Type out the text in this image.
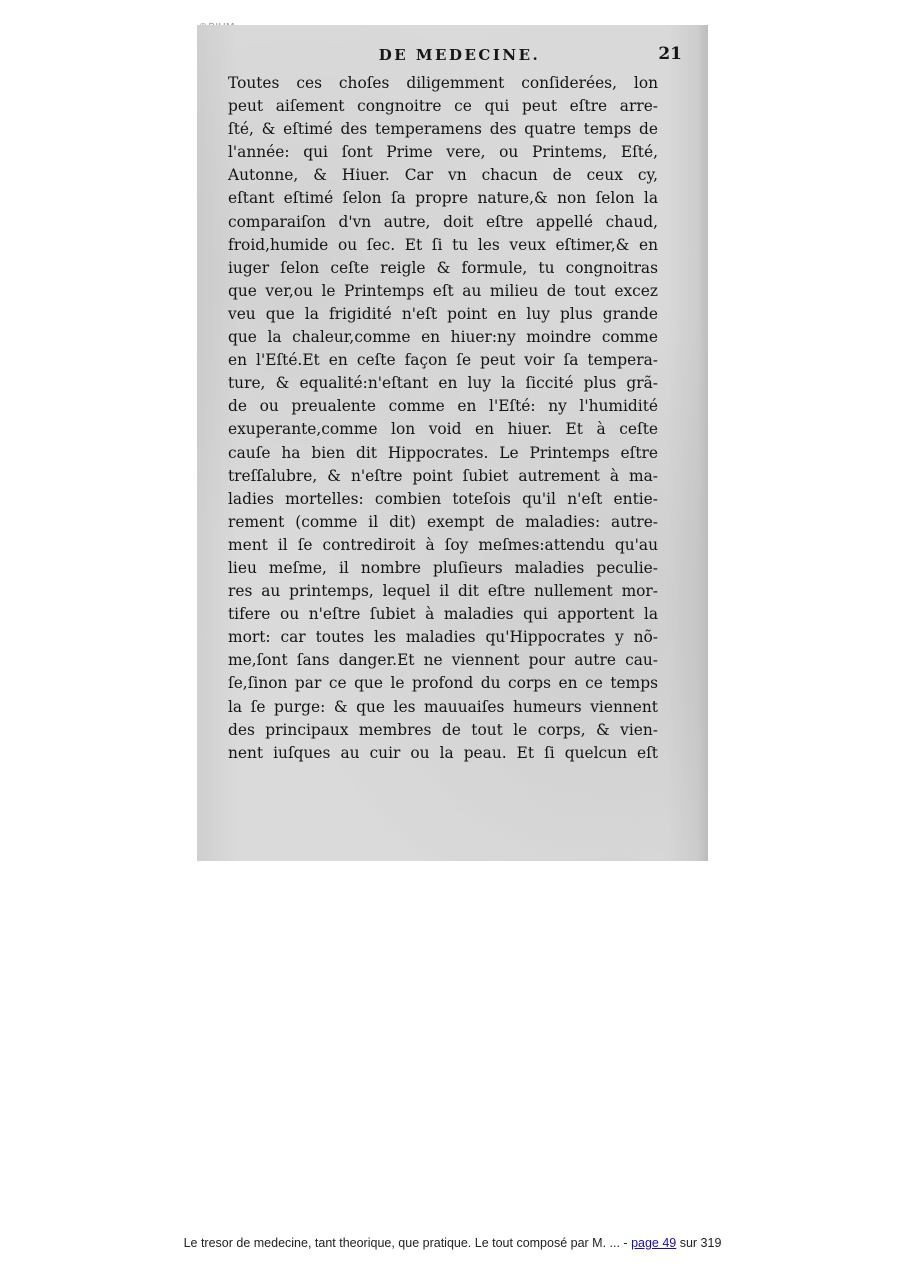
DE MEDECINE.	21
Toutes ces choſes diligemment conſiderées, lon
peut aiſement congnoitre ce qui peut eſtre arre-
ſté, & eſtimé des temperamens des quatre temps de
l'année: qui ſont Prime vere, ou Printems, Eſté,
Autonne, & Hiuer. Car vn chacun de ceux cy,
eſtant eſtimé ſelon ſa propre nature,& non ſelon la
comparaiſon d'vn autre, doit eſtre appellé chaud,
froid,humide ou ſec. Et ſi tu les veux eſtimer,& en
iuger ſelon ceſte reigle & formule, tu congnoitras
que ver,ou le Printemps eſt au milieu de tout excez
veu que la frigidité n'eſt point en luy plus grande
que la chaleur,comme en hiuer:ny moindre comme
en l'Eſté.Et en ceſte façon ſe peut voir ſa tempera-
ture, & equalité:n'eſtant en luy la ſiccité plus grã-
de ou preualente comme en l'Eſté: ny l'humidité
exuperante,comme lon void en hiuer. Et à ceſte
cauſe ha bien dit Hippocrates. Le Printemps eſtre
treſſalubre, & n'eſtre point ſubiet autrement à ma-
ladies mortelles: combien toteſois qu'il n'eſt entie-
rement (comme il dit) exempt de maladies: autre-
ment il ſe contrediroit à ſoy meſmes:attendu qu'au
lieu meſme, il nombre pluſieurs maladies peculie-
res au printemps, lequel il dit eſtre nullement mor-
tifere ou n'eſtre ſubiet à maladies qui apportent la
mort: car toutes les maladies qu'Hippocrates y nõ-
me,ſont ſans danger.Et ne viennent pour autre cau-
ſe,ſinon par ce que le profond du corps en ce temps
la ſe purge: & que les mauuaiſes humeurs viennent
des principaux membres de tout le corps, & vien-
nent iuſques au cuir ou la peau. Et ſi quelcun eſt
Le tresor de medecine, tant theorique, que pratique. Le tout composé par M. ... - page 49 sur 319
